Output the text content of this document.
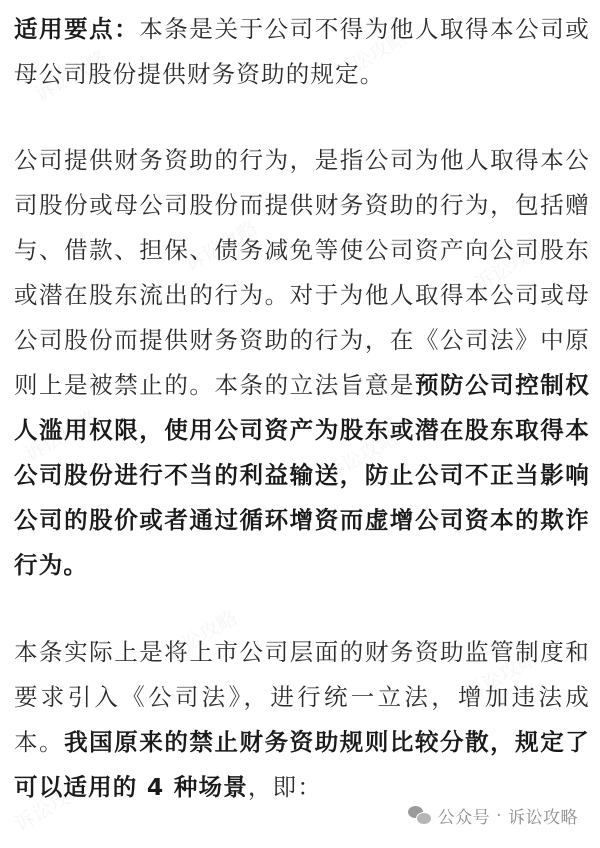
适用要点：本条是关于公司不得为他人取得本公司或母公司股份提供财务资助的规定。

公司提供财务资助的行为，是指公司为他人取得本公司股份或母公司股份而提供财务资助的行为，包括赠与、借款、担保、债务减免等使公司资产向公司股东或潜在股东流出的行为。对于为他人取得本公司或母公司股份而提供财务资助的行为，在《公司法》中原则上是被禁止的。本条的立法旨意是预防公司控制权人滥用权限，使用公司资产为股东或潜在股东取得本公司股份进行不当的利益输送，防止公司不正当影响公司的股价或者通过循环增资而虚增公司资本的欺诈行为。

本条实际上是将上市公司层面的财务资助监管制度和要求引入《公司法》，进行统一立法，增加违法成本。我国原来的禁止财务资助规则比较分散，规定了可以适用的 4 种场景，即：

公众号 · 诉讼攻略
